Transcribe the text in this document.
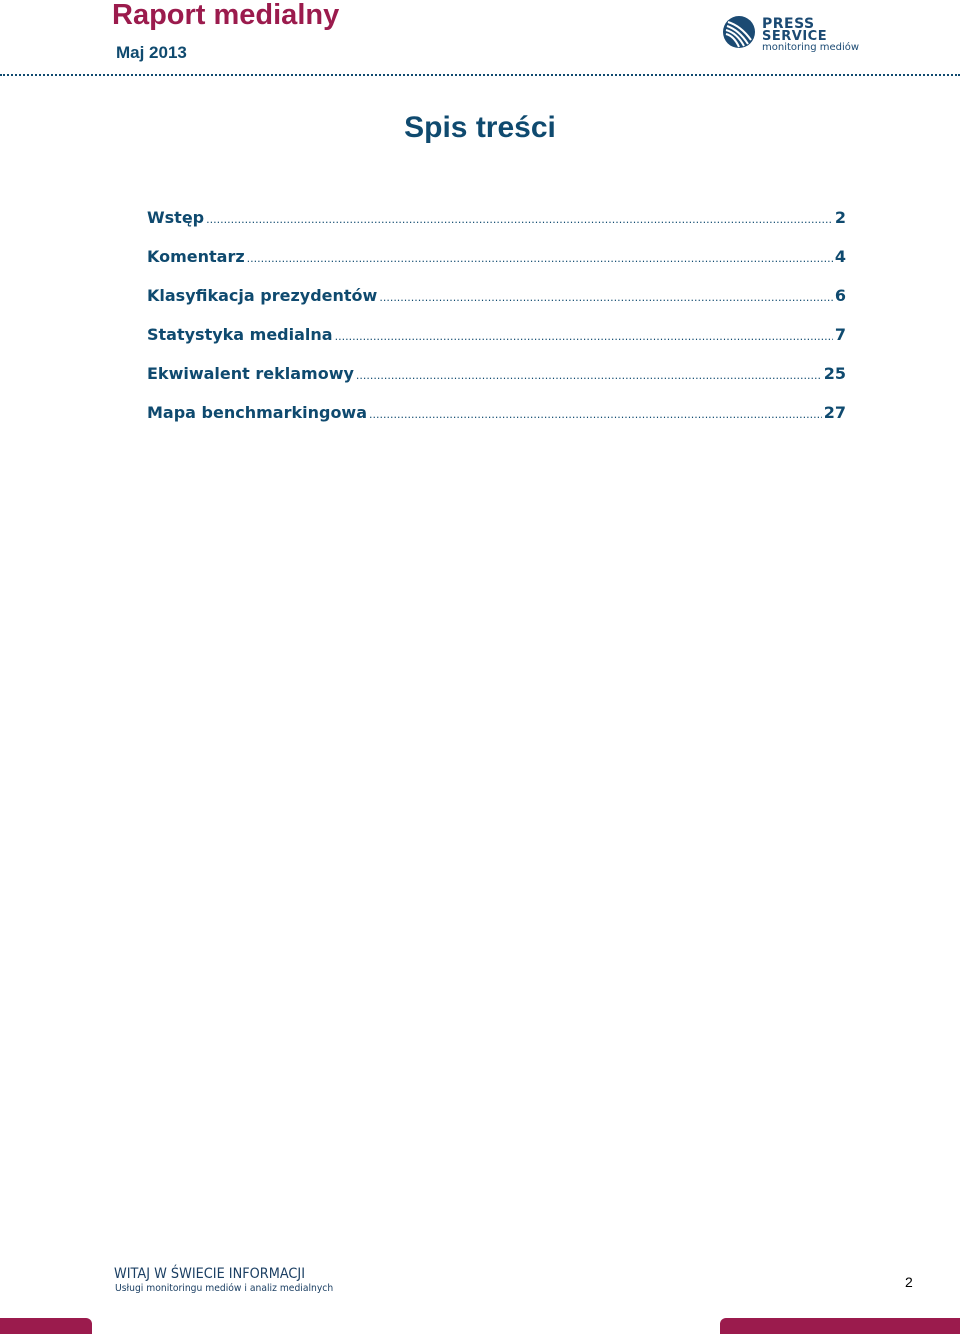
Raport medialny
Maj 2013
PRESS
SERVICE
monitoring mediów
Spis treści
Wstęp .....	2
Komentarz .....	4
Klasyfikacja prezydentów .....	6
Statystyka medialna .....	7
Ekwiwalent reklamowy .....	25
Mapa benchmarkingowa .....	27
WITAJ W ŚWIECIE INFORMACJI
Usługi monitoringu mediów i analiz medialnych	2
